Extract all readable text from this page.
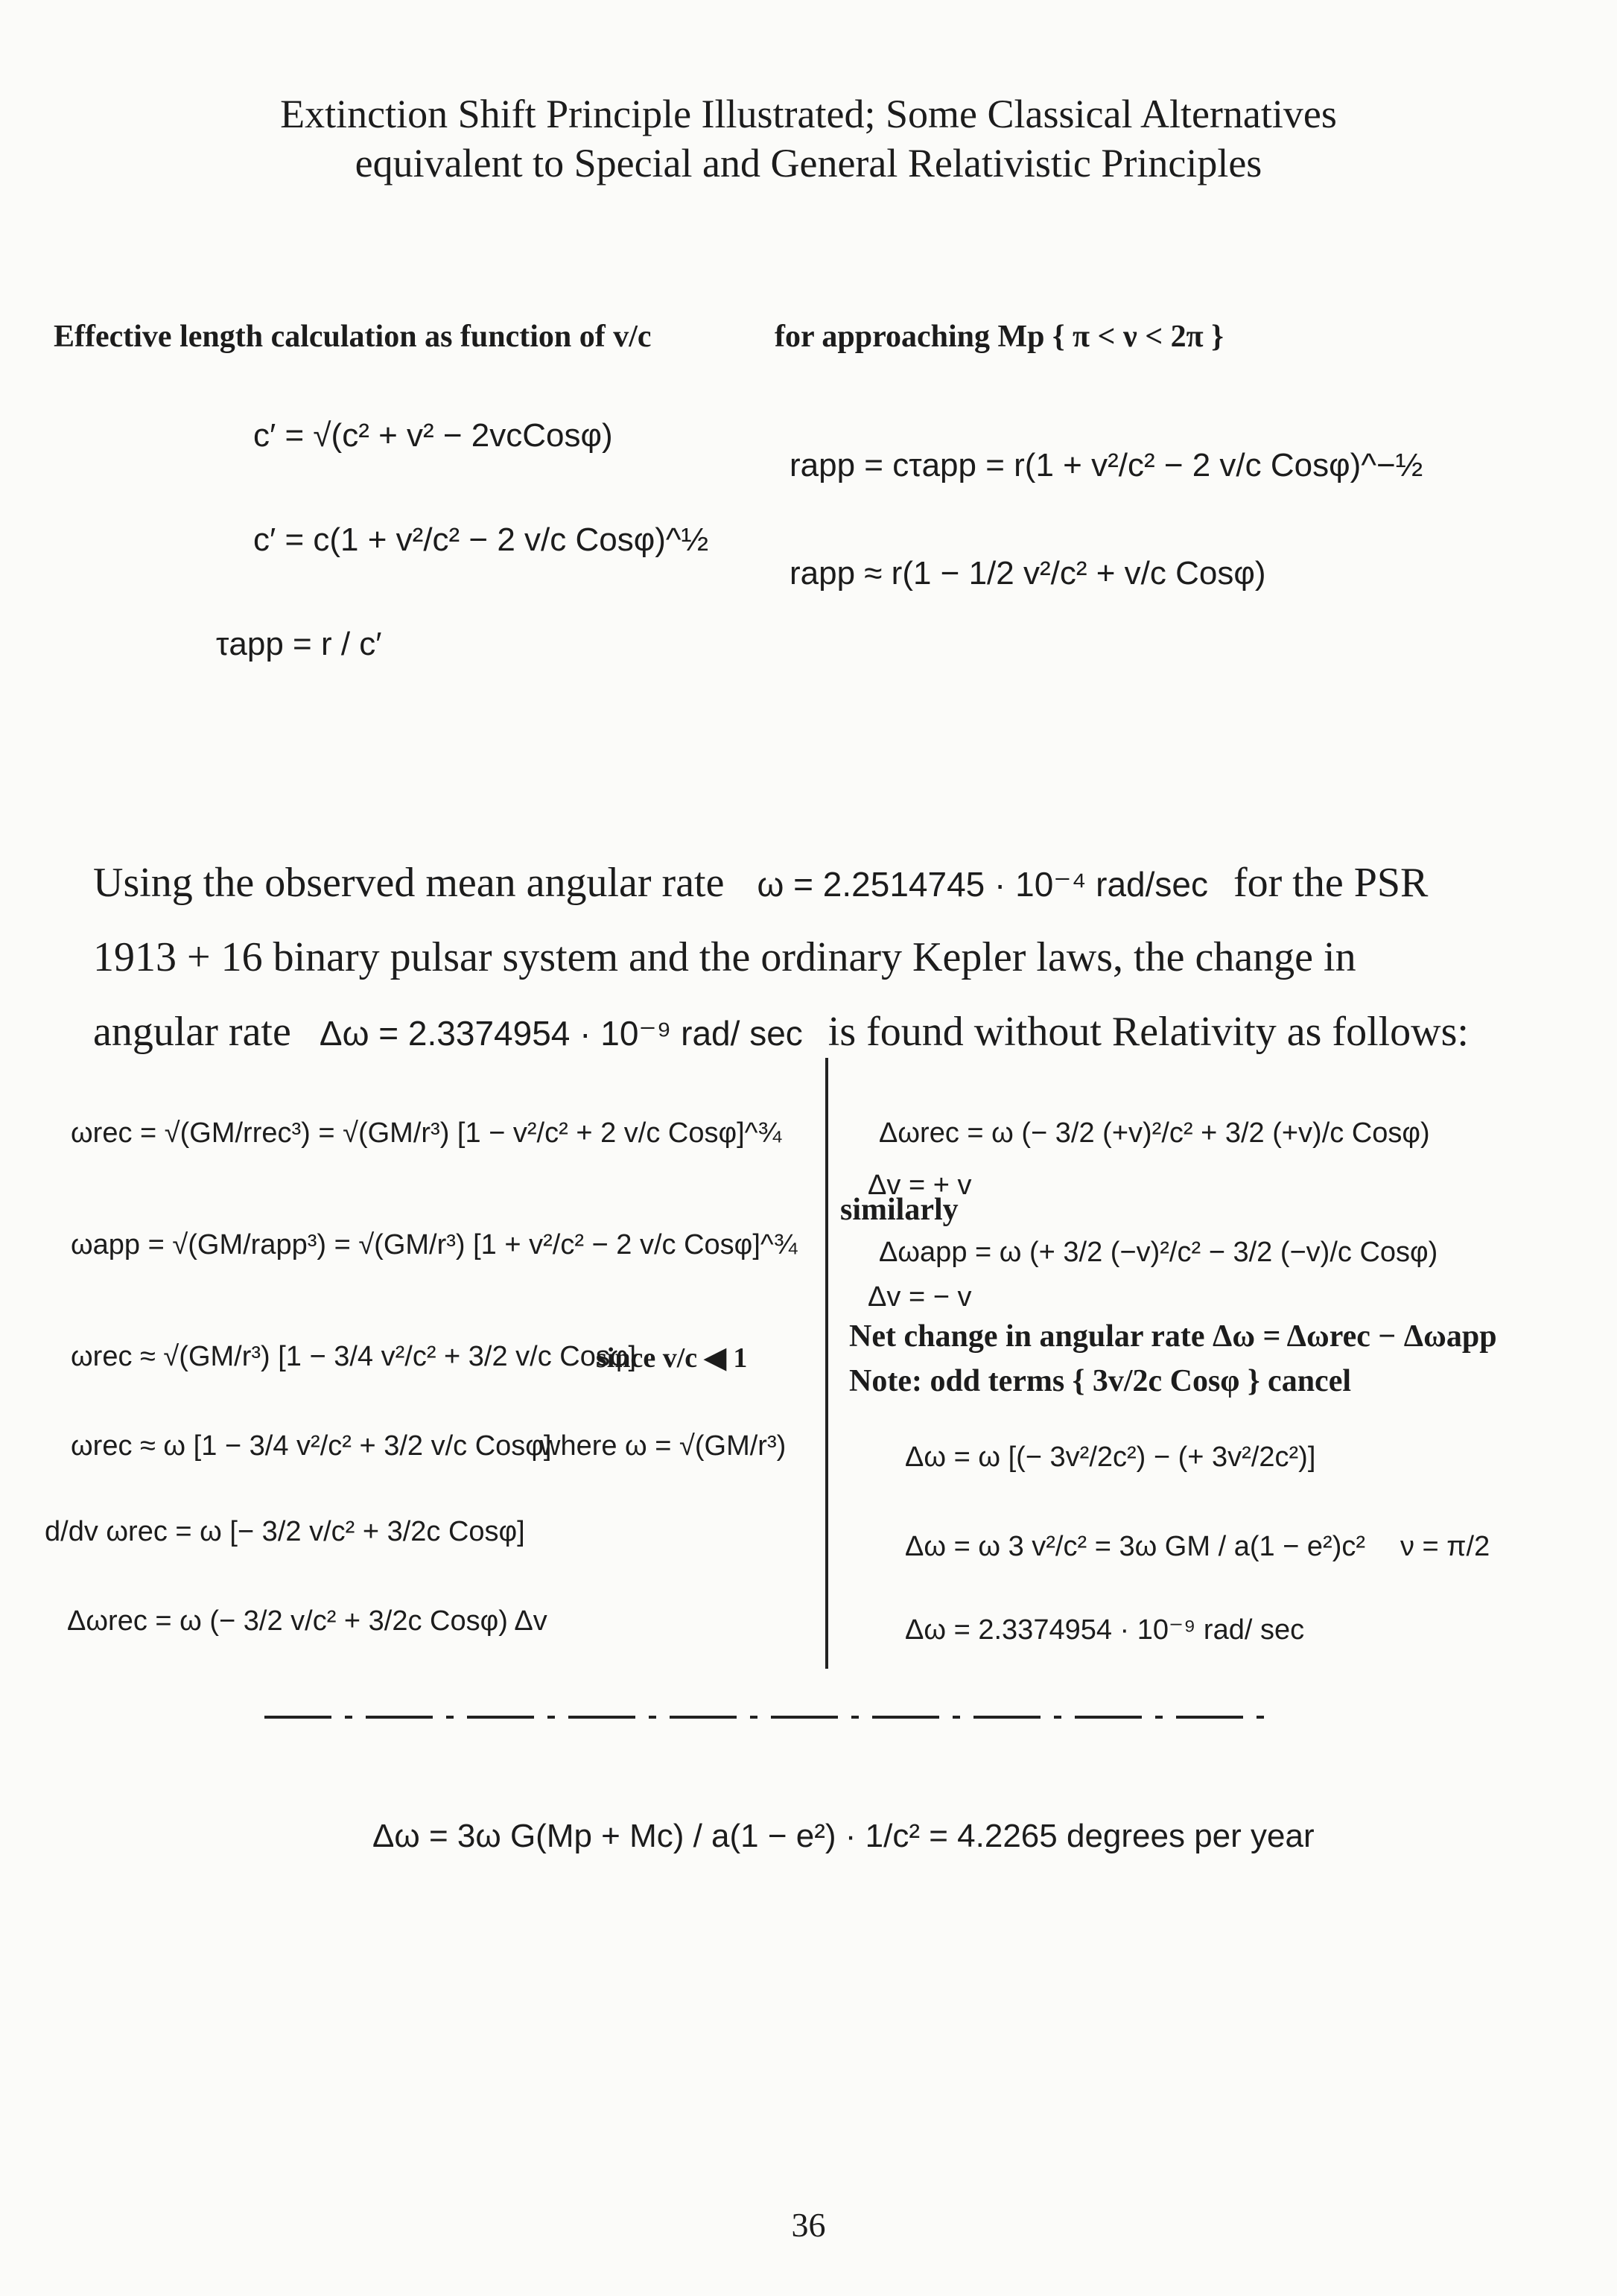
Extinction Shift Principle Illustrated; Some Classical Alternatives
equivalent to Special and General Relativistic Principles
Effective length calculation as function of v/c	for approaching Mp { π < ν < 2π }
c′ = √(c² + v² − 2vcCosφ)
c′ = c(1 + v²/c² − 2 v/c Cosφ)^½
τapp = r / c′
rapp = cτapp = r(1 + v²/c² − 2 v/c Cosφ)^−½
rapp ≈ r(1 − 1/2 v²/c² + v/c Cosφ)
Using the observed mean angular rate ω = 2.2514745 · 10⁻⁴ rad/sec for the PSR
1913 + 16 binary pulsar system and the ordinary Kepler laws, the change in
angular rate Δω = 2.3374954 · 10⁻⁹ rad/ sec is found without Relativity as follows:
ωrec = √(GM/rrec³) = √(GM/r³) [1 − v²/c² + 2 v/c Cosφ]^¾
ωapp = √(GM/rapp³) = √(GM/r³) [1 + v²/c² − 2 v/c Cosφ]^¾
ωrec ≈ √(GM/r³) [1 − 3/4 v²/c² + 3/2 v/c Cosφ]
since v/c ◀ 1
ωrec ≈ ω [1 − 3/4 v²/c² + 3/2 v/c Cosφ]
where ω = √(GM/r³)
d/dv ωrec = ω [− 3/2 v/c² + 3/2c Cosφ]
Δωrec = ω (− 3/2 v/c² + 3/2c Cosφ) Δv
Δωrec = ω (− 3/2 (+v)²/c² + 3/2 (+v)/c Cosφ)
Δv = + v
similarly
Δωapp = ω (+ 3/2 (−v)²/c² − 3/2 (−v)/c Cosφ)
Δv = − v
Net change in angular rate Δω = Δωrec − Δωapp
Note: odd terms { 3v/2c Cosφ } cancel
Δω = ω [(− 3v²/2c²) − (+ 3v²/2c²)]
Δω = ω 3 v²/c² = 3ω GM / a(1 − e²)c² ν = π/2
Δω = 2.3374954 · 10⁻⁹ rad/ sec
Δω = 3ω G(Mp + Mc) / a(1 − e²) · 1/c² = 4.2265 degrees per year
36
